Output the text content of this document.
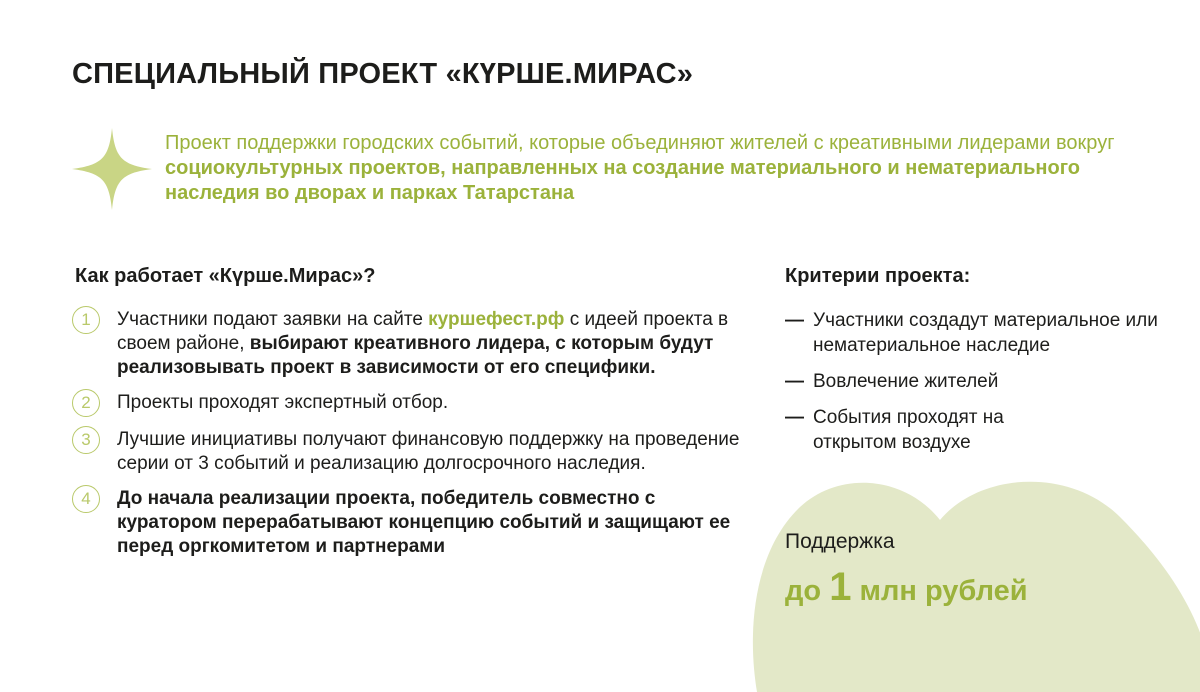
СПЕЦИАЛЬНЫЙ ПРОЕКТ «КҮРШЕ.МИРАС»

Проект поддержки городских событий, которые объединяют жителей с креативными лидерами вокруг социокультурных проектов, направленных на создание материального и нематериального наследия во дворах и парках Татарстана

Как работает «Күрше.Мирас»?
1	Участники подают заявки на сайте куршефест.рф с идеей проекта в своем районе, выбирают креативного лидера, с которым будут реализовывать проект в зависимости от его специфики.
2	Проекты проходят экспертный отбор.
3	Лучшие инициативы получают финансовую поддержку на проведение серии от 3 событий и реализацию долгосрочного наследия.
4	До начала реализации проекта, победитель совместно с куратором перерабатывают концепцию событий и защищают ее перед оргкомитетом и партнерами
Критерии проекта:
— Участники создадут материальное или нематериальное наследие
— Вовлечение жителей
— События проходят на открытом воздухе
Поддержка
до 1 млн рублей
